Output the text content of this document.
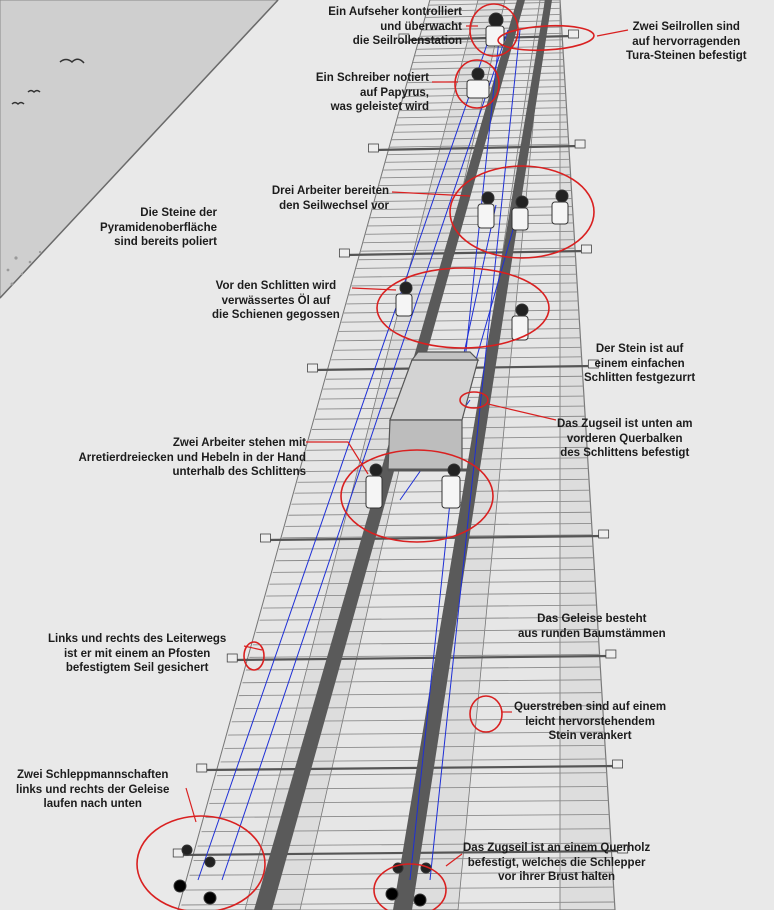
Ein Aufseher kontrolliert
und überwacht
die Seilrollenstation
Zwei Seilrollen sind
auf hervorragenden
Tura-Steinen befestigt
Ein Schreiber notiert
auf Papyrus,
was geleistet wird
Drei Arbeiter bereiten
den Seilwechsel vor
Die Steine der
Pyramidenoberfläche
sind bereits poliert
Vor den Schlitten wird
verwässertes Öl auf
die Schienen gegossen
Der Stein ist auf
einem einfachen
Schlitten festgezurrt
Das Zugseil ist unten am
vorderen Querbalken
des Schlittens befestigt
Zwei Arbeiter stehen mit
Arretierdreiecken und Hebeln in der Hand
unterhalb des Schlittens
Das Geleise besteht
aus runden Baumstämmen
Links und rechts des Leiterwegs
ist er mit einem an Pfosten
befestigtem Seil gesichert
Querstreben sind auf einem
leicht hervorstehendem
Stein verankert
Zwei Schleppmannschaften
links und rechts der Geleise
laufen nach unten
Das Zugseil ist an einem Querholz
befestigt, welches die Schlepper
vor ihrer Brust halten
